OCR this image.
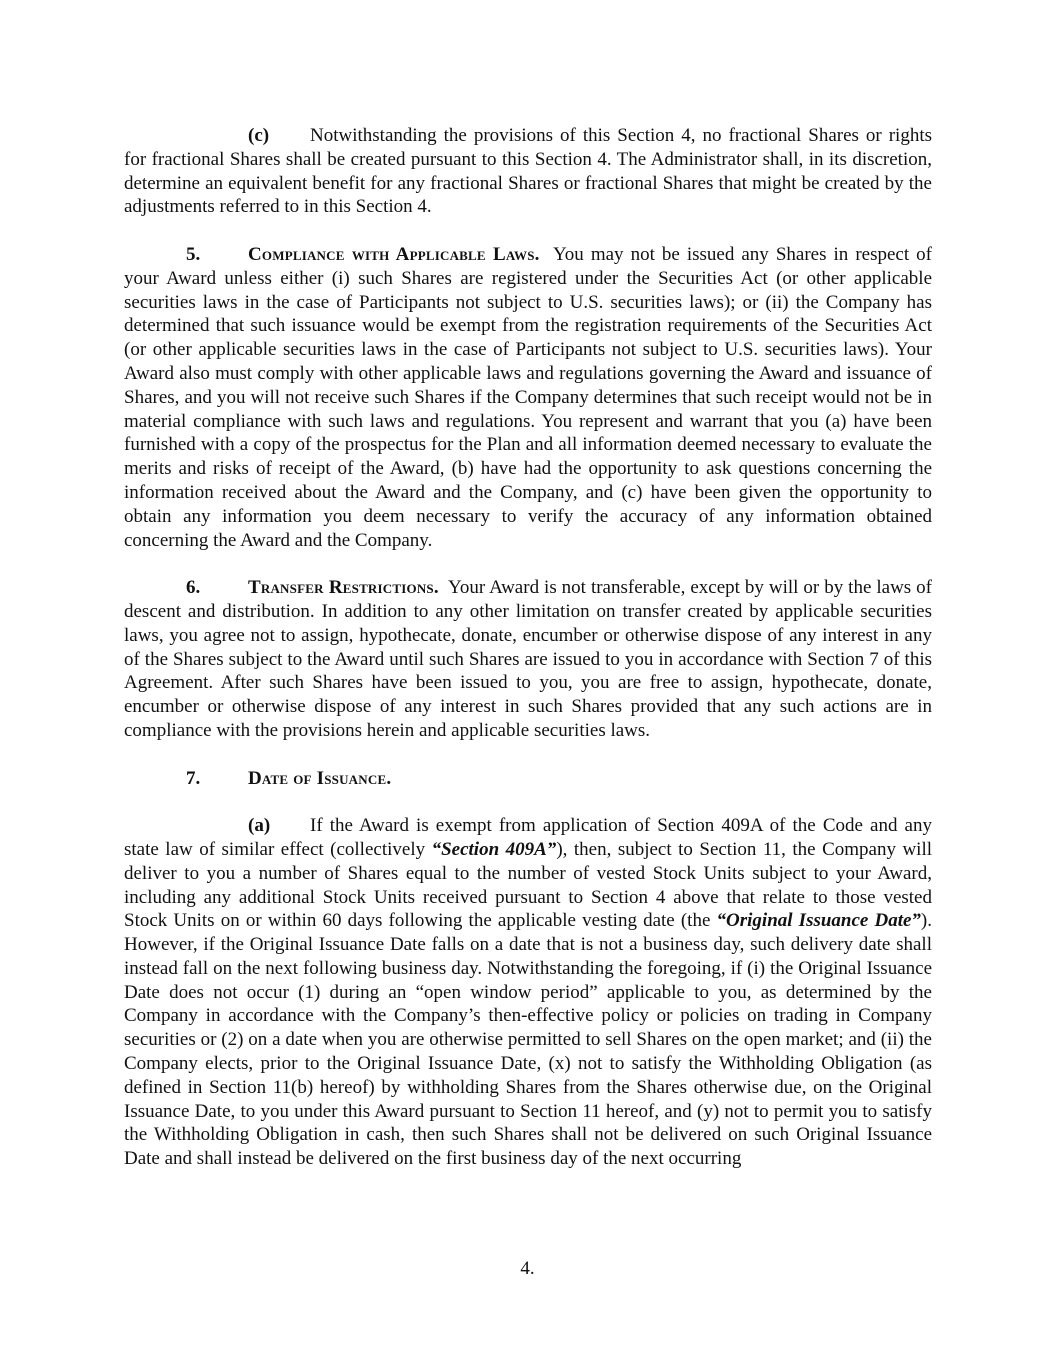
(c) Notwithstanding the provisions of this Section 4, no fractional Shares or rights for fractional Shares shall be created pursuant to this Section 4. The Administrator shall, in its discretion, determine an equivalent benefit for any fractional Shares or fractional Shares that might be created by the adjustments referred to in this Section 4.

5.	Compliance with Applicable Laws. You may not be issued any Shares in respect of your Award unless either (i) such Shares are registered under the Securities Act (or other applicable securities laws in the case of Participants not subject to U.S. securities laws); or (ii) the Company has determined that such issuance would be exempt from the registration requirements of the Securities Act (or other applicable securities laws in the case of Participants not subject to U.S. securities laws). Your Award also must comply with other applicable laws and regulations governing the Award and issuance of Shares, and you will not receive such Shares if the Company determines that such receipt would not be in material compliance with such laws and regulations. You represent and warrant that you (a) have been furnished with a copy of the prospectus for the Plan and all information deemed necessary to evaluate the merits and risks of receipt of the Award, (b) have had the opportunity to ask questions concerning the information received about the Award and the Company, and (c) have been given the opportunity to obtain any information you deem necessary to verify the accuracy of any information obtained concerning the Award and the Company.

6.	Transfer Restrictions. Your Award is not transferable, except by will or by the laws of descent and distribution. In addition to any other limitation on transfer created by applicable securities laws, you agree not to assign, hypothecate, donate, encumber or otherwise dispose of any interest in any of the Shares subject to the Award until such Shares are issued to you in accordance with Section 7 of this Agreement. After such Shares have been issued to you, you are free to assign, hypothecate, donate, encumber or otherwise dispose of any interest in such Shares provided that any such actions are in compliance with the provisions herein and applicable securities laws.

7.	Date of Issuance.

(a) If the Award is exempt from application of Section 409A of the Code and any state law of similar effect (collectively “Section 409A”), then, subject to Section 11, the Company will deliver to you a number of Shares equal to the number of vested Stock Units subject to your Award, including any additional Stock Units received pursuant to Section 4 above that relate to those vested Stock Units on or within 60 days following the applicable vesting date (the “Original Issuance Date”). However, if the Original Issuance Date falls on a date that is not a business day, such delivery date shall instead fall on the next following business day. Notwithstanding the foregoing, if (i) the Original Issuance Date does not occur (1) during an “open window period” applicable to you, as determined by the Company in accordance with the Company’s then-effective policy or policies on trading in Company securities or (2) on a date when you are otherwise permitted to sell Shares on the open market; and (ii) the Company elects, prior to the Original Issuance Date, (x) not to satisfy the Withholding Obligation (as defined in Section 11(b) hereof) by withholding Shares from the Shares otherwise due, on the Original Issuance Date, to you under this Award pursuant to Section 11 hereof, and (y) not to permit you to satisfy the Withholding Obligation in cash, then such Shares shall not be delivered on such Original Issuance Date and shall instead be delivered on the first business day of the next occurring

4.
